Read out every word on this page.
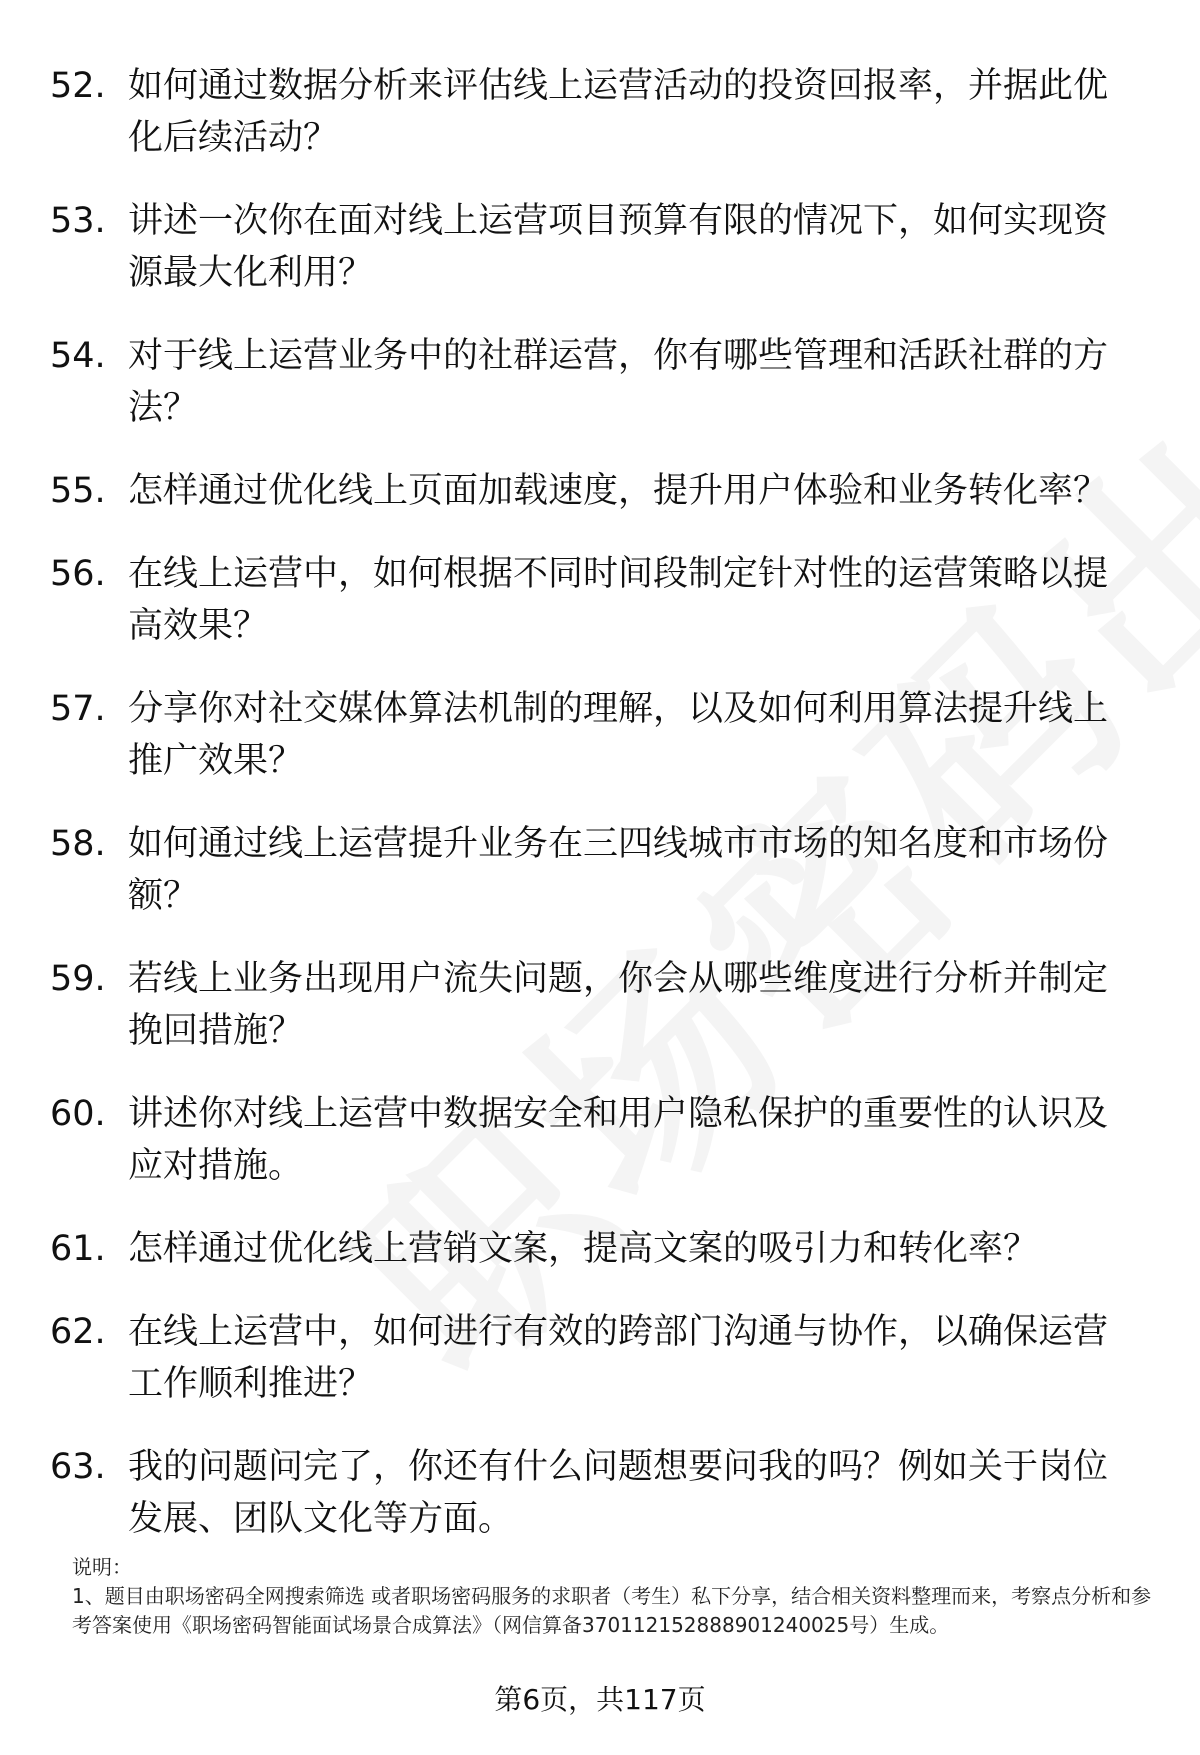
52. 如何通过数据分析来评估线上运营活动的投资回报率，并据此优化后续活动？
53. 讲述一次你在面对线上运营项目预算有限的情况下，如何实现资源最大化利用？
54. 对于线上运营业务中的社群运营，你有哪些管理和活跃社群的方法？
55. 怎样通过优化线上页面加载速度，提升用户体验和业务转化率？
56. 在线上运营中，如何根据不同时间段制定针对性的运营策略以提高效果？
57. 分享你对社交媒体算法机制的理解，以及如何利用算法提升线上推广效果？
58. 如何通过线上运营提升业务在三四线城市市场的知名度和市场份额？
59. 若线上业务出现用户流失问题，你会从哪些维度进行分析并制定挽回措施？
60. 讲述你对线上运营中数据安全和用户隐私保护的重要性的认识及应对措施。
61. 怎样通过优化线上营销文案，提高文案的吸引力和转化率？
62. 在线上运营中，如何进行有效的跨部门沟通与协作，以确保运营工作顺利推进？
63. 我的问题问完了，你还有什么问题想要问我的吗？例如关于岗位发展、团队文化等方面。
说明：

1、题目由职场密码全网搜索筛选 或者职场密码服务的求职者（考生）私下分享，结合相关资料整理而来，考察点分析和参考答案使用《职场密码智能面试场景合成算法》（网信算备370112152888901240025号）生成。

第6页，共117页
